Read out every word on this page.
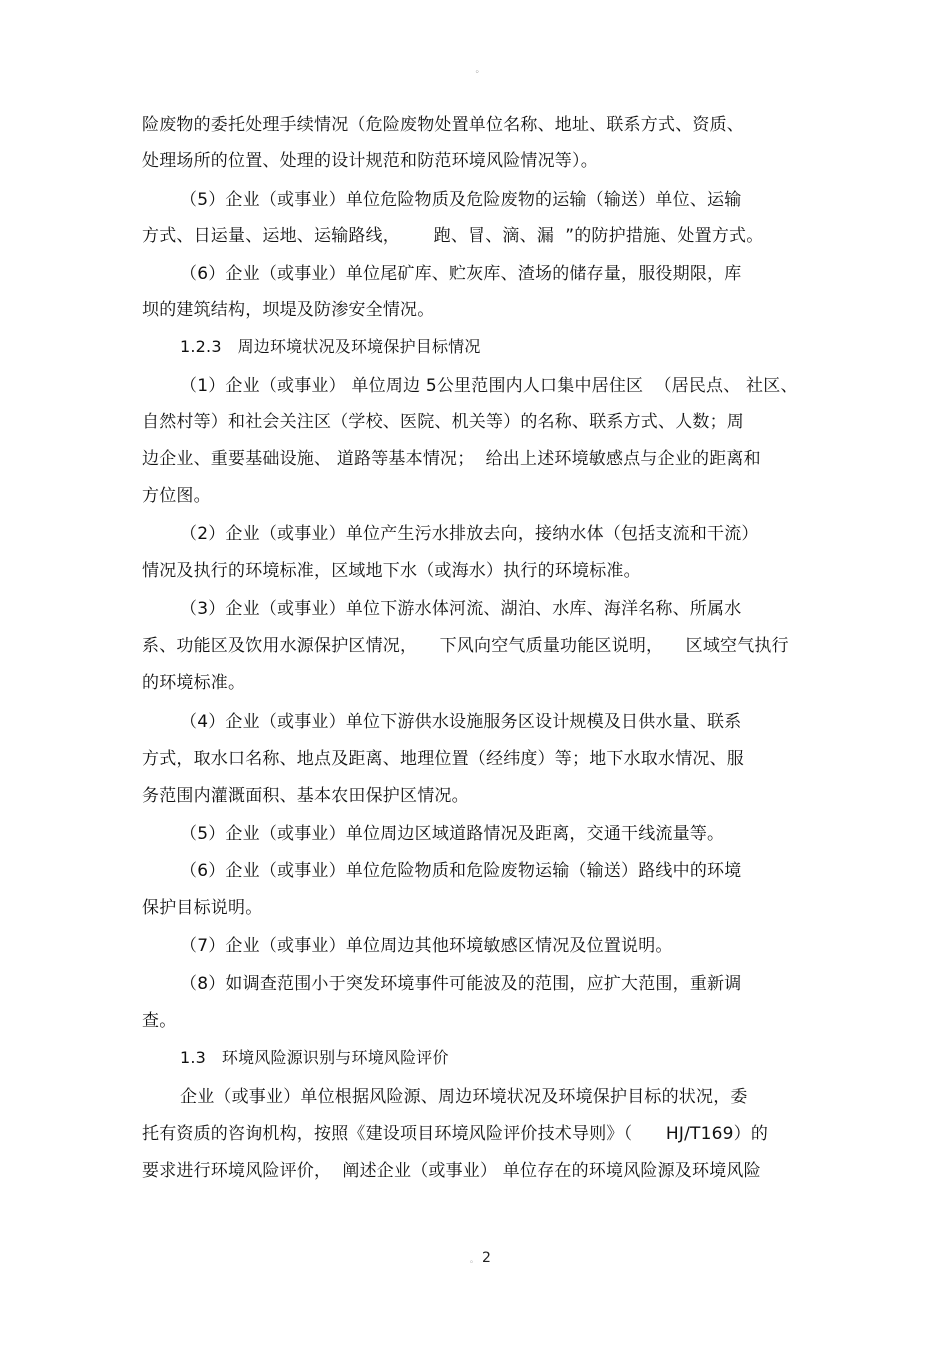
。
险废物的委托处理手续情况（危险废物处置单位名称、地址、联系方式、资质、
处理场所的位置、处理的设计规范和防范环境风险情况等）。
（5）企业（或事业）单位危险物质及危险废物的运输（输送）单位、运输
方式、日运量、运地、运输路线，      跑、冒、滴、漏  ”的防护措施、处置方式。
（6）企业（或事业）单位尾矿库、贮灰库、渣场的储存量，服役期限，库
坝的建筑结构，坝堤及防渗安全情况。
1.2.3   周边环境状况及环境保护目标情况
（1）企业（或事业） 单位周边 5公里范围内人口集中居住区  （居民点、 社区、
自然村等）和社会关注区（学校、医院、机关等）的名称、联系方式、人数；周
边企业、重要基础设施、 道路等基本情况；  给出上述环境敏感点与企业的距离和
方位图。
（2）企业（或事业）单位产生污水排放去向，接纳水体（包括支流和干流）
情况及执行的环境标准，区域地下水（或海水）执行的环境标准。
（3）企业（或事业）单位下游水体河流、湖泊、水库、海洋名称、所属水
系、功能区及饮用水源保护区情况，    下风向空气质量功能区说明，    区域空气执行
的环境标准。
（4）企业（或事业）单位下游供水设施服务区设计规模及日供水量、联系
方式，取水口名称、地点及距离、地理位置（经纬度）等；地下水取水情况、服
务范围内灌溉面积、基本农田保护区情况。
（5）企业（或事业）单位周边区域道路情况及距离，交通干线流量等。
（6）企业（或事业）单位危险物质和危险废物运输（输送）路线中的环境
保护目标说明。
（7）企业（或事业）单位周边其他环境敏感区情况及位置说明。
（8）如调查范围小于突发环境事件可能波及的范围，应扩大范围，重新调
查。
1.3   环境风险源识别与环境风险评价
企业（或事业）单位根据风险源、周边环境状况及环境保护目标的状况，委
托有资质的咨询机构，按照《建设项目环境风险评价技术导则》（      HJ/T169）的
要求进行环境风险评价，  阐述企业（或事业） 单位存在的环境风险源及环境风险
。 2
